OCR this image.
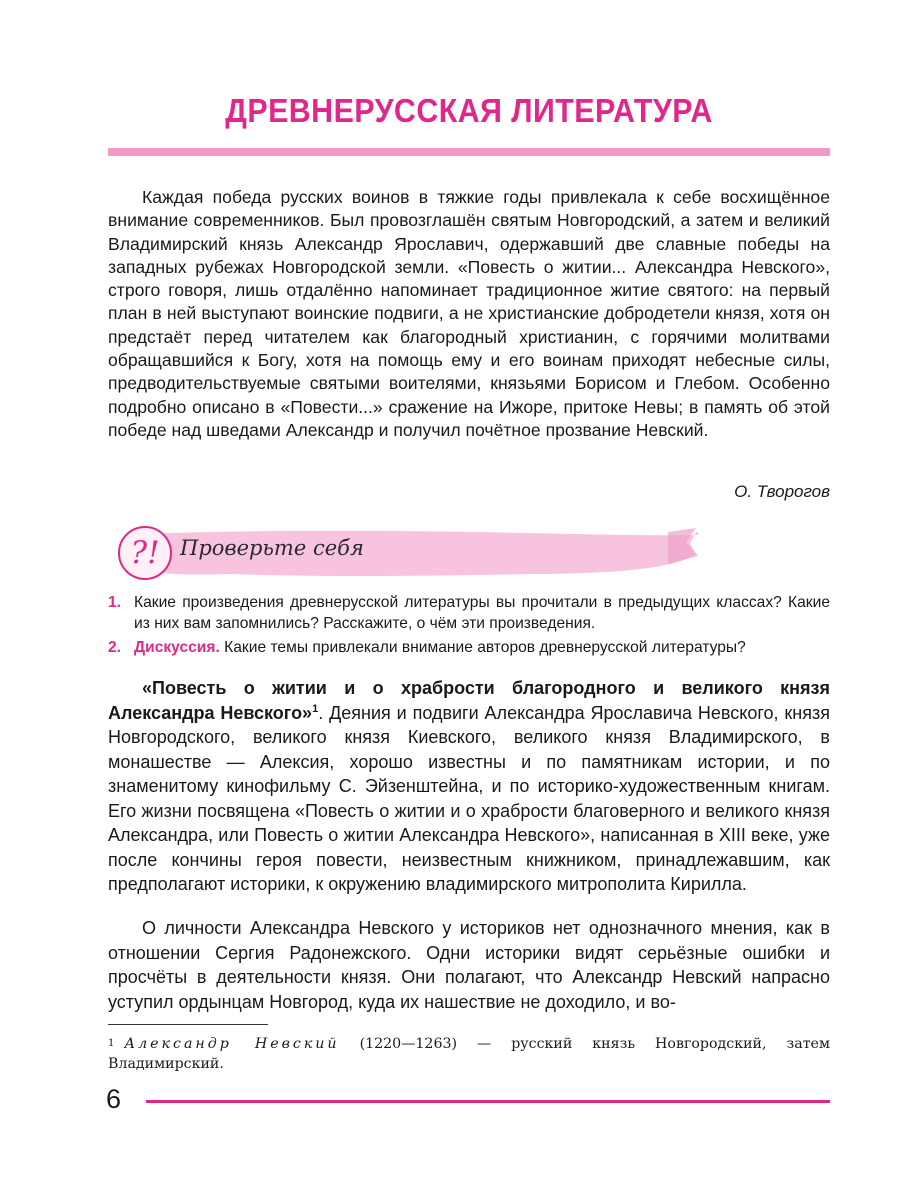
ДРЕВНЕРУССКАЯ ЛИТЕРАТУРА

Каждая победа русских воинов в тяжкие годы привлекала к себе восхищённое внимание современников. Был провозглашён святым Новгородский, а затем и великий Владимирский князь Александр Ярославич, одержавший две славные победы на западных рубежах Новгородской земли. «Повесть о житии... Александра Невского», строго говоря, лишь отдалённо напоминает традиционное житие святого: на первый план в ней выступают воинские подвиги, а не христианские добродетели князя, хотя он предстаёт перед читателем как благородный христианин, с горячими молитвами обращавшийся к Богу, хотя на помощь ему и его воинам приходят небесные силы, предводительствуемые святыми воителями, князьями Борисом и Глебом. Особенно подробно описано в «Повести...» сражение на Ижоре, притоке Невы; в память об этой победе над шведами Александр и получил почётное прозвание Невский.

О. Творогов
?! Проверьте себя

1. Какие произведения древнерусской литературы вы прочитали в предыдущих классах? Какие из них вам запомнились? Расскажите, о чём эти произведения.

2. Дискуссия. Какие темы привлекали внимание авторов древнерусской литературы?

«Повесть о житии и о храбрости благородного и великого князя Александра Невского»$^1$. Деяния и подвиги Александра Ярославича Невского, князя Новгородского, великого князя Киевского, великого князя Владимирского, в монашестве — Алексия, хорошо известны и по памятникам истории, и по знаменитому кинофильму С. Эйзенштейна, и по историко-художественным книгам. Его жизни посвящена «Повесть о житии и о храбрости благоверного и великого князя Александра, или Повесть о житии Александра Невского», написанная в XIII веке, уже после кончины героя повести, неизвестным книжником, принадлежавшим, как предполагают историки, к окружению владимирского митрополита Кирилла.

О личности Александра Невского у историков нет однозначного мнения, как в отношении Сергия Радонежского. Одни историки видят серьёзные ошибки и просчёты в деятельности князя. Они полагают, что Александр Невский напрасно уступил ордынцам Новгород, куда их нашествие не доходило, и во-

$^1$ Александр Невский (1220—1263) — русский князь Новгородский, затем Владимирский.
6
